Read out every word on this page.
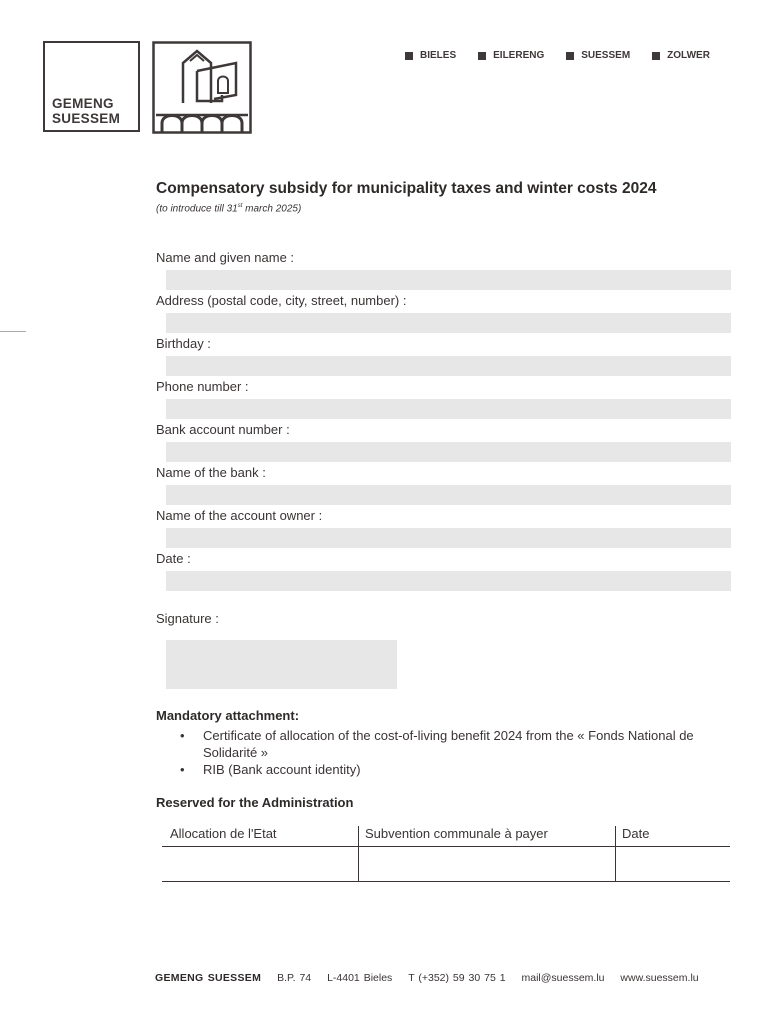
GEMENG
SUESSEM
BIELES	EILERENG	SUESSEM	ZOLWER
Compensatory subsidy for municipality taxes and winter costs 2024
(to introduce till 31st march 2025)
Name and given name :
Address (postal code, city, street, number) :
Birthday :
Phone number :
Bank account number :
Name of the bank :
Name of the account owner :
Date :
Signature :
Mandatory attachment:
• Certificate of allocation of the cost-of-living benefit 2024 from the « Fonds National de Solidarité »
• RIB (Bank account identity)
Reserved for the Administration
Allocation de l'Etat	Subvention communale à payer	Date

GEMENG SUESSEM B.P. 74 L-4401 Bieles T (+352) 59 30 75 1 mail@suessem.lu www.suessem.lu
